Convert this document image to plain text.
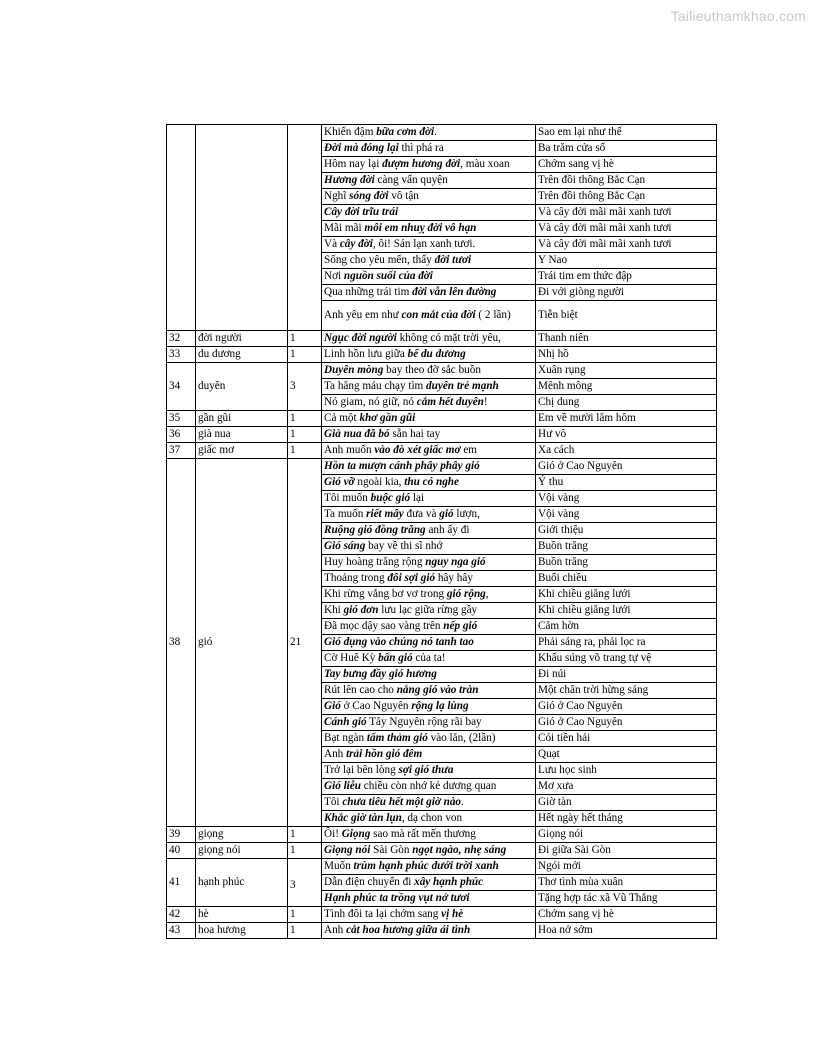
Tailieuthamkhao.com
			Khiến đậm bữa cơm đời.	Sao em lại như thế
			Đời mà đóng lại thì phá ra	Ba trăm cửa sổ
			Hôm nay lại đượm hương đời, màu xoan	Chớm sang vị hè
			Hương đời càng vấn quyện	Trên đồi thông Bắc Cạn
			Nghĩ sóng đời vô tận	Trên đồi thông Bắc Cạn
			Cây đời trĩu trái	Và cây đời mãi mãi xanh tươi
			Mãi mãi môi em nhuỵ đời vô hạn	Và cây đời mãi mãi xanh tươi
			Và cây đời, ôi! Sán lạn xanh tươi.	Và cây đời mãi mãi xanh tươi
			Sống cho yêu mến, thấy đời tươi	Y Nao
			Nơi nguồn suối của đời	Trái tim em thức đập
			Qua những trái tim đời vẫn lên đường	Đi với giòng người
			Anh yêu em như con mắt của đời ( 2 lần)	Tiễn biệt
32	đời người	1	Ngục đời người không có mặt trời yêu,	Thanh niên
33	du dương	1	Linh hồn lưu giữa bể du dương	Nhị hồ
34	duyên	3	Duyên mòng bay theo đỡ sắc buồn	Xuân rụng
			Ta hăng máu chạy tìm duyên trẻ mạnh	Mênh mông
			Nó giam, nó giữ, nó cắm hết duyên!	Chị dung
35	gần gũi	1	Cả một khơ gần gũi	Em về mười lăm hôm
36	già nua	1	Già nua đã bó sẵn hai tay	Hư vô
37	giấc mơ	1	Anh muốn vào đò xét giấc mơ em	Xa cách
38	gió	21	Hồn ta mượn cánh phây phây gió	Gió ở Cao Nguyên
			Gió vỡ ngoài kia, thu có nghe	Ý thu
			Tôi muốn buộc gió lại	Vội vàng
			Ta muốn riết mây đưa và gió lượn,	Vội vàng
			Ruộng gió đồng trăng anh ấy đi	Giới thiệu
			Gió sáng bay về thi sĩ nhớ	Buồn trăng
			Huy hoàng trăng rộng nguy nga gió	Buồn trăng
			Thoảng trong đôi sợi gió hây hây	Buổi chiều
			Khi rừng vắng bơ vơ trong gió rộng,	Khi chiều giăng lưới
			Khi gió đơn lưu lạc giữa rừng gầy	Khi chiều giăng lưới
			Đã mọc dậy sao vàng trên nếp gió	Căm hờn
			Gió dụng vào chúng nó tanh tao	Phải sáng ra, phải lọc ra
			Cờ Huê Kỳ bẩn gió của ta!	Khẩu súng võ trang tự vệ
			Tay bưng đầy gió hương	Đi núi
			Rút lên cao cho nắng gió vào tràn	Một chân trời hừng sáng
			Gió ở Cao Nguyên rộng lạ lùng	Gió ở Cao Nguyên
			Cánh gió Tây Nguyên rộng rãi bay	Gió ở Cao Nguyên
			Bạt ngàn tấm thảm gió vào lăn, (2lần)	Cói tiền hải
			Anh trải hồn gió đêm	Quạt
			Trở lại bên lòng sợi gió thưa	Lưu học sinh
			Gió liễu chiều còn nhớ kẻ dương quan	Mơ xưa
			Tôi chưa tiêu hết một giờ nào.	Giờ tàn
			Khắc giờ tàn lụn, dạ chon von	Hết ngày hết tháng
39	giọng	1	Ôi! Giọng sao mà rất mến thương	Giọng nói
40	giọng nói	1	Giọng nói Sài Gòn ngọt ngào, nhẹ sáng	Đi giữa Sài Gòn
41	hạnh phúc	3	Muốn trùm hạnh phúc dưới trời xanh	Ngói mới
			Dẫn điện chuyển đi xây hạnh phúc	Thơ tình mùa xuân
			Hạnh phúc ta trồng vụt nở tươi	Tặng hợp tác xã Vũ Thắng
42	hè	1	Tình đôi ta lại chớm sang vị hè	Chớm sang vị hè
43	hoa hương	1	Anh cắt hoa hương giữa ái tình	Hoa nở sớm
